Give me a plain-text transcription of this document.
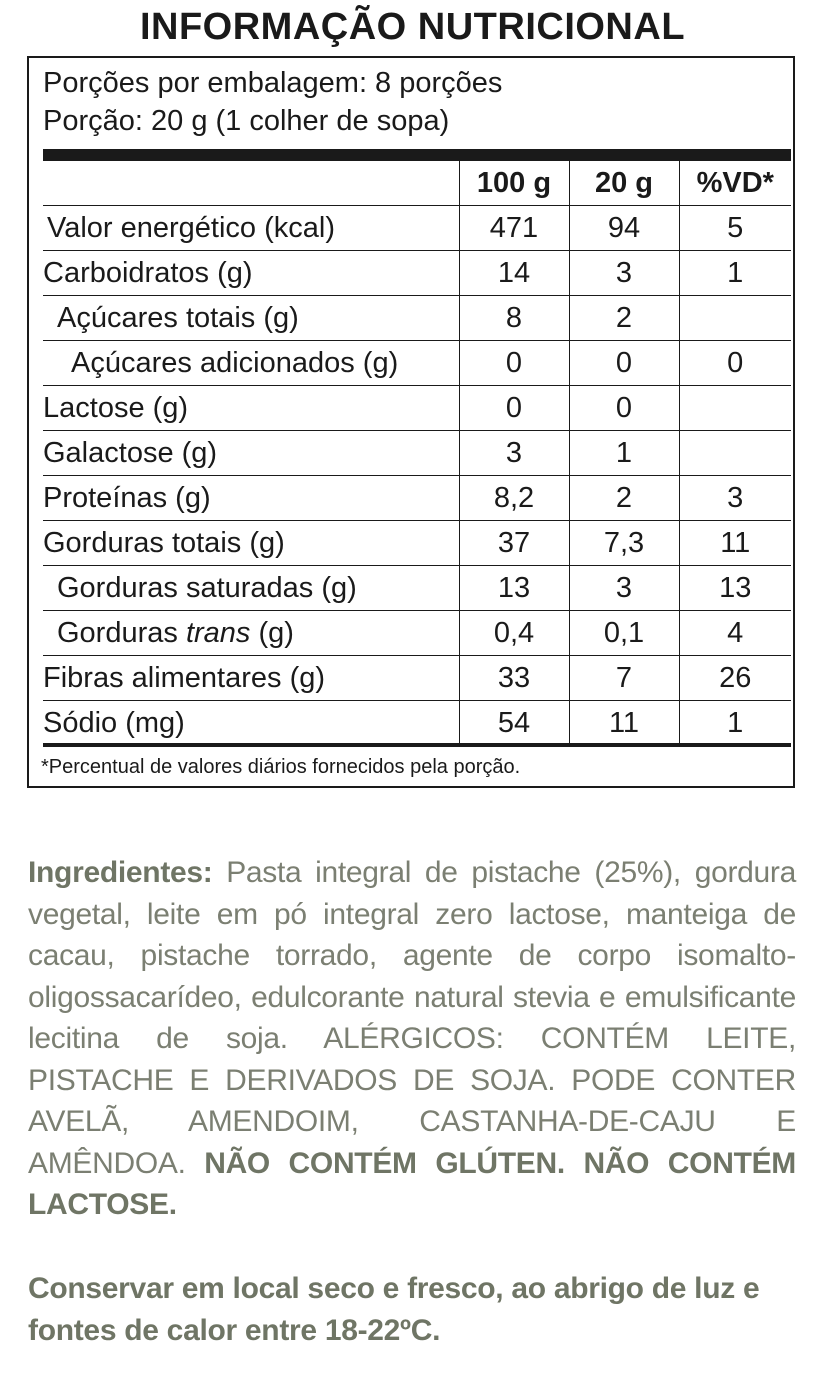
INFORMAÇÃO NUTRICIONAL
Porções por embalagem: 8 porções
Porção: 20 g (1 colher de sopa)
	100 g	20 g	%VD*
Valor energético (kcal)	471	94	5
Carboidratos (g)	14	3	1
Açúcares totais (g)	8	2	
Açúcares adicionados (g)	0	0	0
Lactose (g)	0	0	
Galactose (g)	3	1	
Proteínas (g)	8,2	2	3
Gorduras totais (g)	37	7,3	11
Gorduras saturadas (g)	13	3	13
Gorduras trans (g)	0,4	0,1	4
Fibras alimentares (g)	33	7	26
Sódio (mg)	54	11	1
*Percentual de valores diários fornecidos pela porção.
Ingredientes: Pasta integral de pistache (25%), gordura vegetal, leite em pó integral zero lactose, manteiga de cacau, pistache torrado, agente de corpo isomalto-oligossacarídeo, edulcorante natural stevia e emulsificante lecitina de soja. ALÉRGICOS: CONTÉM LEITE, PISTACHE E DERIVADOS DE SOJA. PODE CONTER AVELÃ, AMENDOIM, CASTANHA-DE-CAJU E AMÊNDOA. NÃO CONTÉM GLÚTEN. NÃO CONTÉM LACTOSE.
Conservar em local seco e fresco, ao abrigo de luz e fontes de calor entre 18-22ºC.
